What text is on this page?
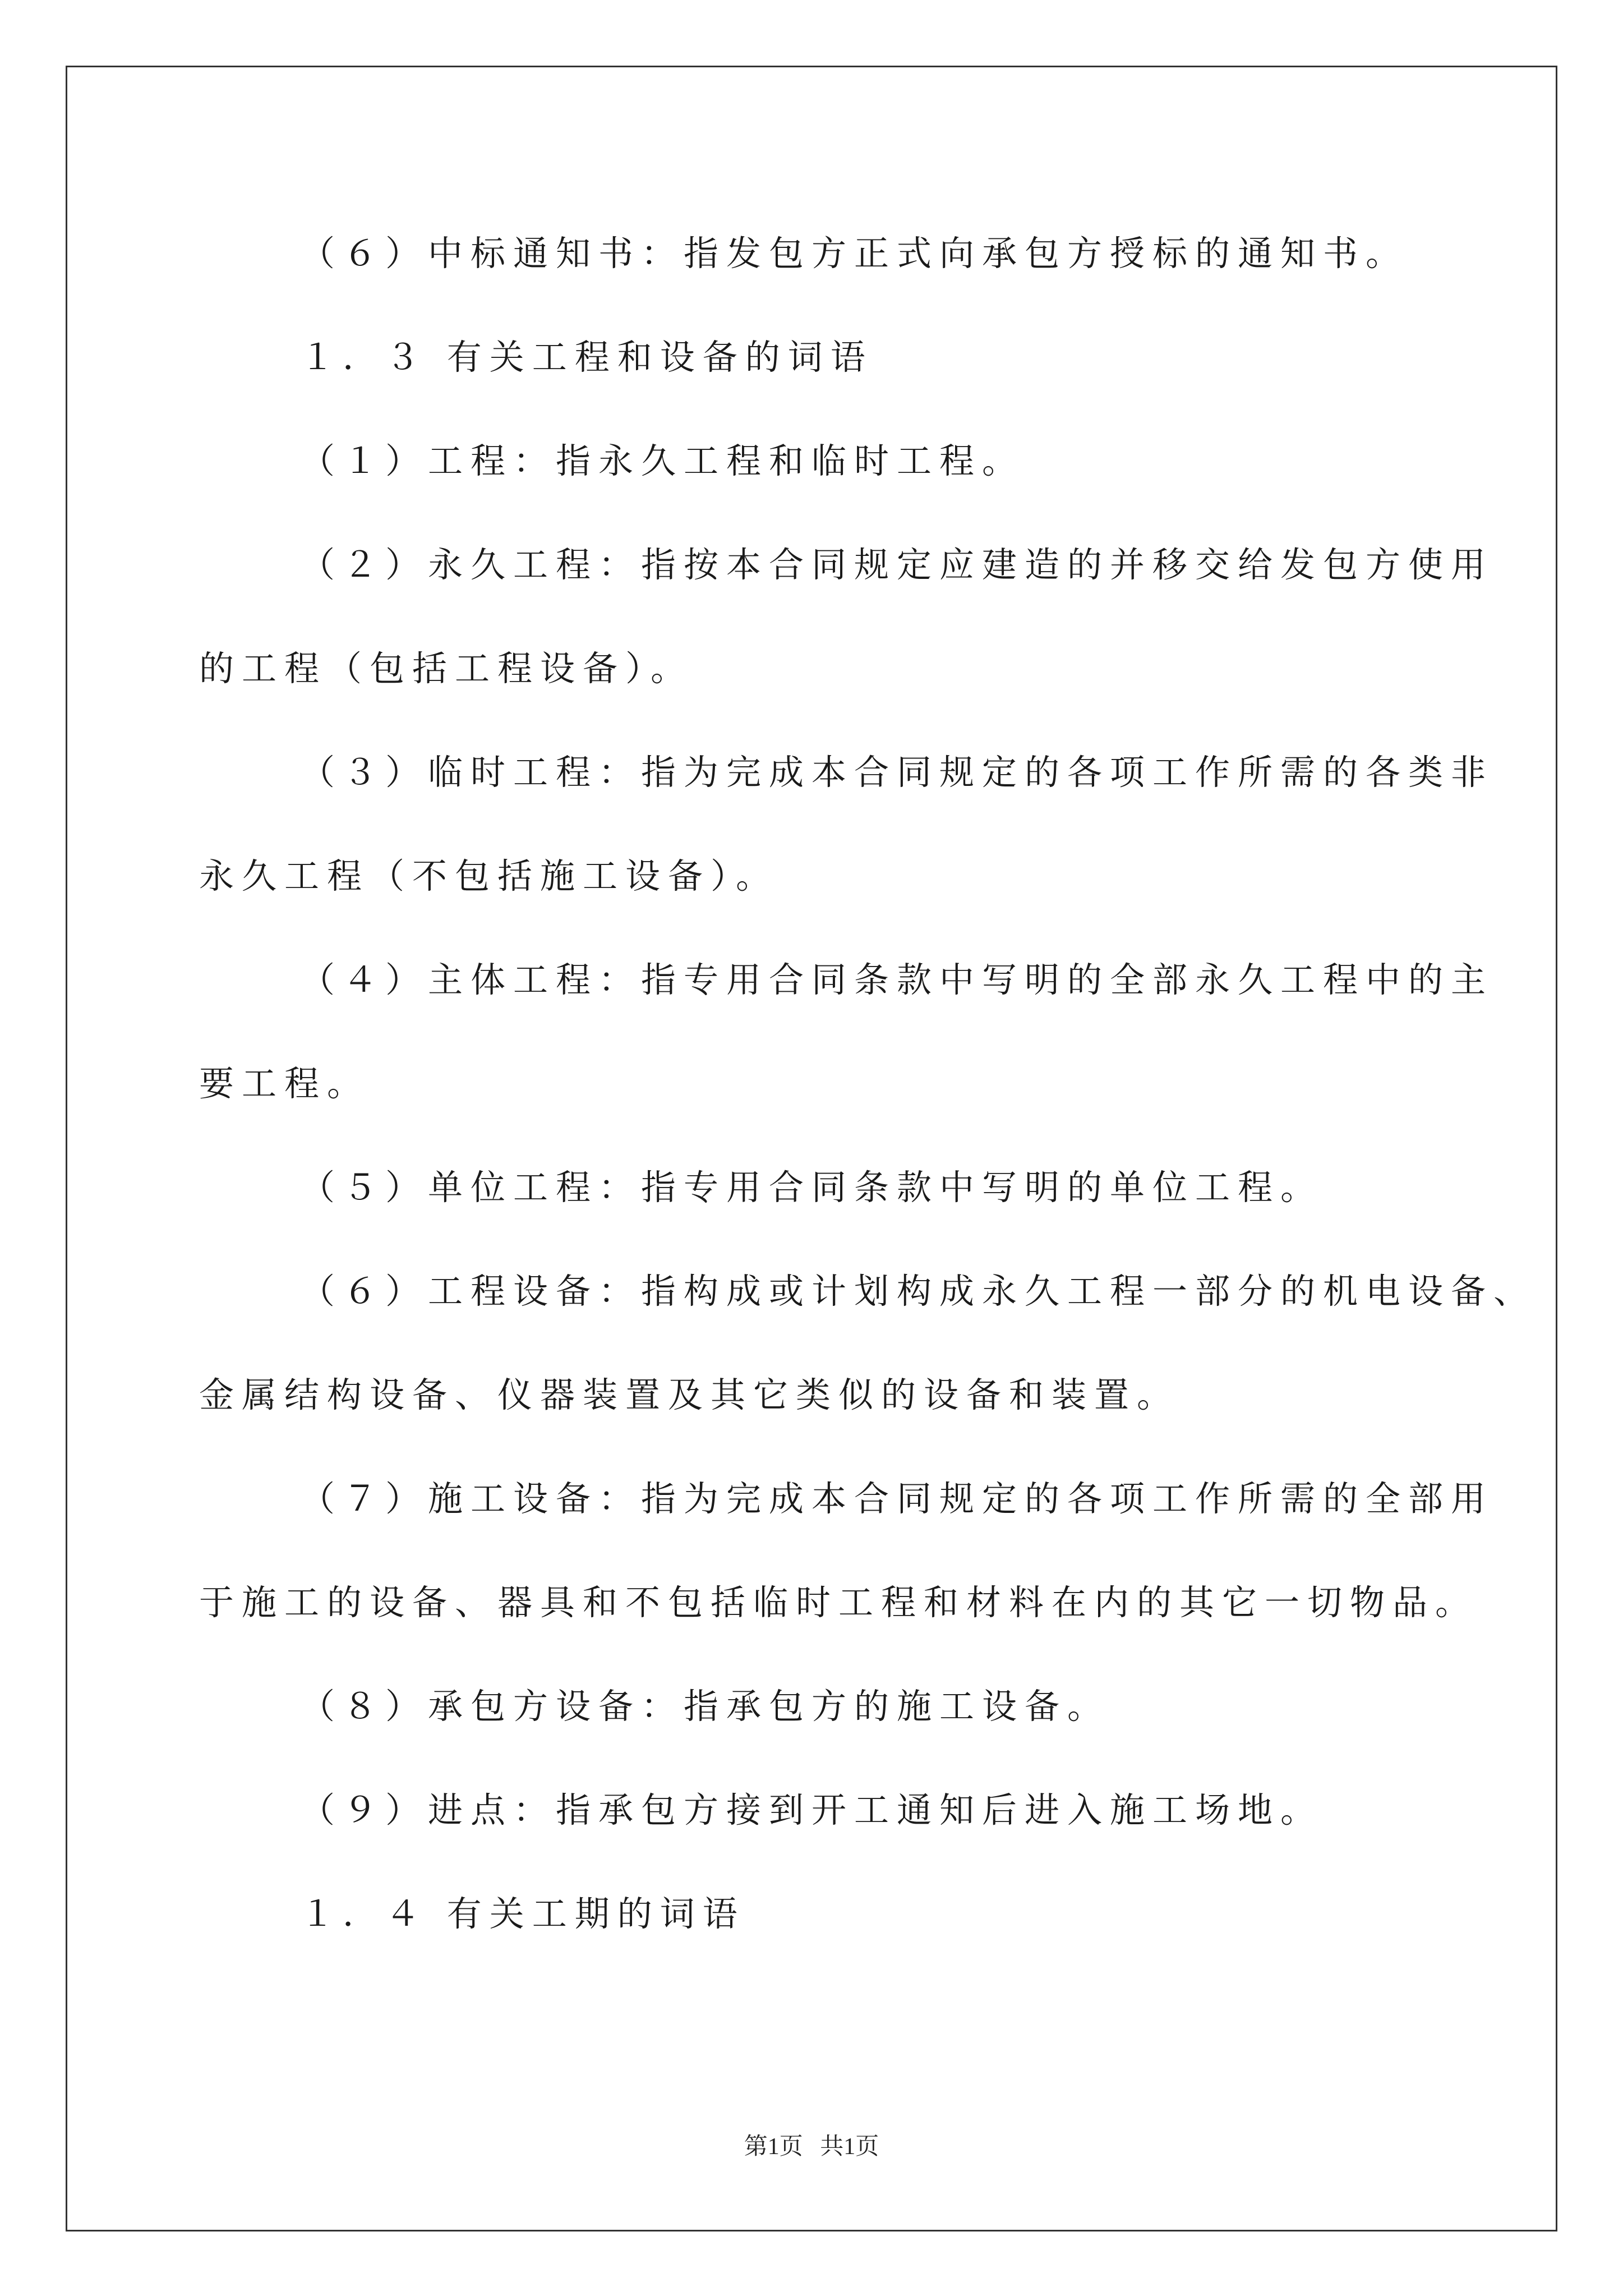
（６）中标通知书：指发包方正式向承包方授标的通知书。
１．３ 有关工程和设备的词语
（１）工程：指永久工程和临时工程。
（２）永久工程：指按本合同规定应建造的并移交给发包方使用
的工程（包括工程设备）。
（３）临时工程：指为完成本合同规定的各项工作所需的各类非
永久工程（不包括施工设备）。
（４）主体工程：指专用合同条款中写明的全部永久工程中的主
要工程。
（５）单位工程：指专用合同条款中写明的单位工程。
（６）工程设备：指构成或计划构成永久工程一部分的机电设备、
金属结构设备、仪器装置及其它类似的设备和装置。
（７）施工设备：指为完成本合同规定的各项工作所需的全部用
于施工的设备、器具和不包括临时工程和材料在内的其它一切物品。
（８）承包方设备：指承包方的施工设备。
（９）进点：指承包方接到开工通知后进入施工场地。
１．４ 有关工期的词语
第1页 共1页
